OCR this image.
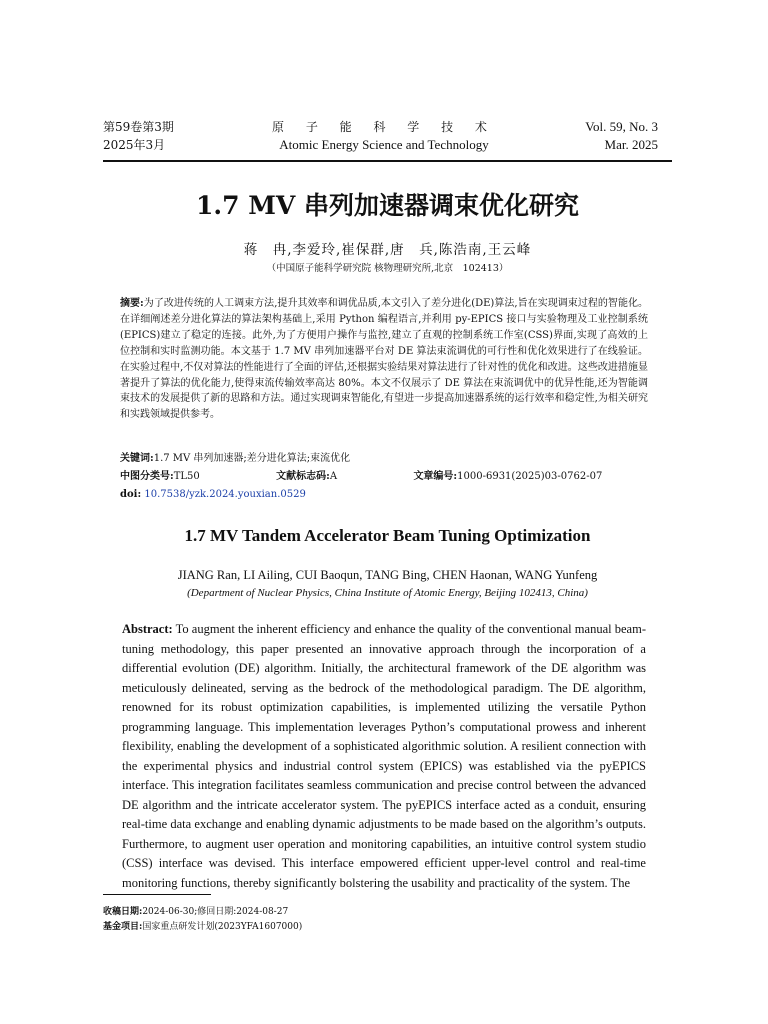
第59卷第3期
2025年3月
原 子 能 科 学 技 术
Atomic Energy Science and Technology
Vol. 59, No. 3
Mar. 2025
1.7 MV 串列加速器调束优化研究
蒋　冉,李爱玲,崔保群,唐　兵,陈浩南,王云峰
（中国原子能科学研究院 核物理研究所,北京　102413）
摘要:为了改进传统的人工调束方法,提升其效率和调优品质,本文引入了差分进化(DE)算法,旨在实现调束过程的智能化。在详细阐述差分进化算法的算法架构基础上,采用 Python 编程语言,并利用 py-EPICS 接口与实验物理及工业控制系统(EPICS)建立了稳定的连接。此外,为了方便用户操作与监控,建立了直观的控制系统工作室(CSS)界面,实现了高效的上位控制和实时监测功能。本文基于 1.7 MV 串列加速器平台对 DE 算法束流调优的可行性和优化效果进行了在线验证。在实验过程中,不仅对算法的性能进行了全面的评估,还根据实验结果对算法进行了针对性的优化和改进。这些改进措施显著提升了算法的优化能力,使得束流传输效率高达 80%。本文不仅展示了 DE 算法在束流调优中的优异性能,还为智能调束技术的发展提供了新的思路和方法。通过实现调束智能化,有望进一步提高加速器系统的运行效率和稳定性,为相关研究和实践领域提供参考。
关键词:1.7 MV 串列加速器;差分进化算法;束流优化
中图分类号:TL50	文献标志码:A	文章编号:1000-6931(2025)03-0762-07
doi: 10.7538/yzk.2024.youxian.0529
1.7 MV Tandem Accelerator Beam Tuning Optimization
JIANG Ran, LI Ailing, CUI Baoqun, TANG Bing, CHEN Haonan, WANG Yunfeng
(Department of Nuclear Physics, China Institute of Atomic Energy, Beijing 102413, China)
Abstract: To augment the inherent efficiency and enhance the quality of the conventional manual beam-tuning methodology, this paper presented an innovative approach through the incorporation of a differential evolution (DE) algorithm. Initially, the architectural framework of the DE algorithm was meticulously delineated, serving as the bedrock of the methodological paradigm. The DE algorithm, renowned for its robust optimization capabilities, is implemented utilizing the versatile Python programming language. This implementation leverages Python’s computational prowess and inherent flexibility, enabling the development of a sophisticated algorithmic solution. A resilient connection with the experimental physics and industrial control system (EPICS) was established via the pyEPICS interface. This integration facilitates seamless communication and precise control between the advanced DE algorithm and the intricate accelerator system. The pyEPICS interface acted as a conduit, ensuring real-time data exchange and enabling dynamic adjustments to be made based on the algorithm’s outputs. Furthermore, to augment user operation and monitoring capabilities, an intuitive control system studio (CSS) interface was devised. This interface empowered efficient upper-level control and real-time monitoring functions, thereby significantly bolstering the usability and practicality of the system. The
收稿日期:2024-06-30;修回日期:2024-08-27
基金项目:国家重点研发计划(2023YFA1607000)
